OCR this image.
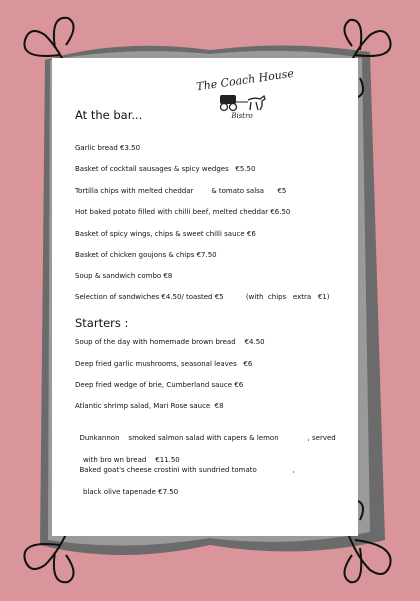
The Coach House
Bistro
At the bar...
Garlic bread €3.50
Basket of cocktail sausages & spicy wedges   €5.50
Tortilla chips with melted cheddar        & tomato salsa      €5
Hot baked potato filled with chilli beef, melted cheddar €6.50
Basket of spicy wings, chips & sweet chilli sauce €6
Basket of chicken goujons & chips €7.50
Soup & sandwich combo €8
Selection of sandwiches €4.50/ toasted €5          (with  chips   extra   €1)
Starters :
Soup of the day with homemade brown bread    €4.50
Deep fried garlic mushrooms, seasonal leaves   €6
Deep fried wedge of brie, Cumberland sauce €6
Atlantic shrimp salad, Mari Rose sauce  €8

Dunkannon    smoked salmon salad with capers & lemon             , served

with bro wn bread    €11.50

Baked goat's cheese crostini with sundried tomato                ,

black olive tapenade €7.50
